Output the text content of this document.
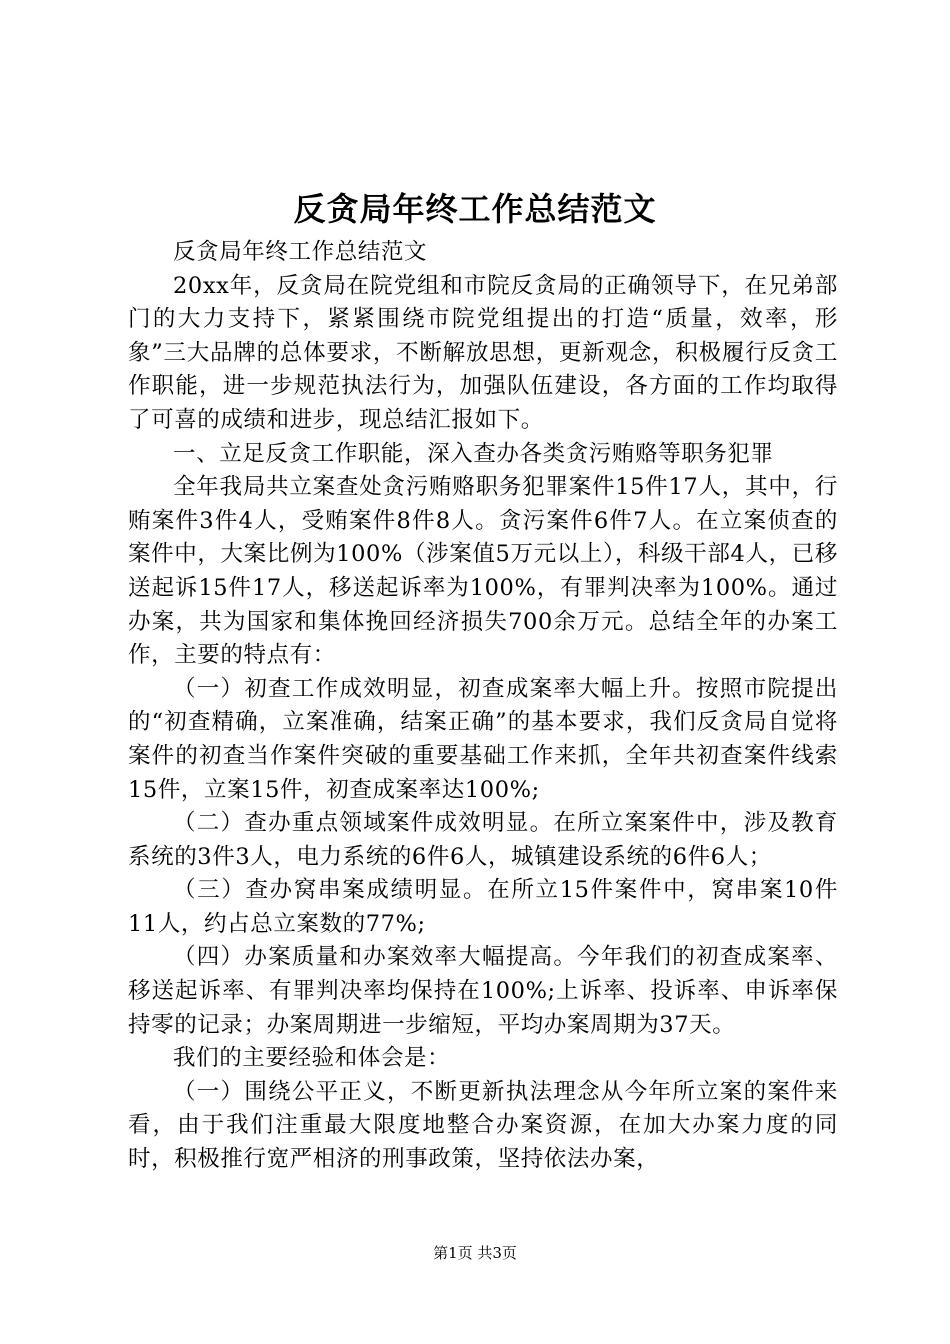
反贪局年终工作总结范文

反贪局年终工作总结范文

20xx年，反贪局在院党组和市院反贪局的正确领导下，在兄弟部门的大力支持下，紧紧围绕市院党组提出的打造“质量，效率，形象”三大品牌的总体要求，不断解放思想，更新观念，积极履行反贪工作职能，进一步规范执法行为，加强队伍建设，各方面的工作均取得了可喜的成绩和进步，现总结汇报如下。

一、立足反贪工作职能，深入查办各类贪污贿赂等职务犯罪

全年我局共立案查处贪污贿赂职务犯罪案件15件17人，其中，行贿案件3件4人，受贿案件8件8人。贪污案件6件7人。在立案侦查的案件中，大案比例为100%（涉案值5万元以上），科级干部4人，已移送起诉15件17人，移送起诉率为100%，有罪判决率为100%。通过办案，共为国家和集体挽回经济损失700余万元。总结全年的办案工作，主要的特点有：

（一）初查工作成效明显，初查成案率大幅上升。按照市院提出的“初查精确，立案准确，结案正确”的基本要求，我们反贪局自觉将案件的初查当作案件突破的重要基础工作来抓，全年共初查案件线索15件，立案15件，初查成案率达100%;

（二）查办重点领域案件成效明显。在所立案案件中，涉及教育系统的3件3人，电力系统的6件6人，城镇建设系统的6件6人；

（三）查办窝串案成绩明显。在所立15件案件中，窝串案10件11人，约占总立案数的77%;

（四）办案质量和办案效率大幅提高。今年我们的初查成案率、移送起诉率、有罪判决率均保持在100%;上诉率、投诉率、申诉率保持零的记录；办案周期进一步缩短，平均办案周期为37天。

我们的主要经验和体会是：

（一）围绕公平正义，不断更新执法理念从今年所立案的案件来看，由于我们注重最大限度地整合办案资源，在加大办案力度的同时，积极推行宽严相济的刑事政策，坚持依法办案，

第1页 共3页
